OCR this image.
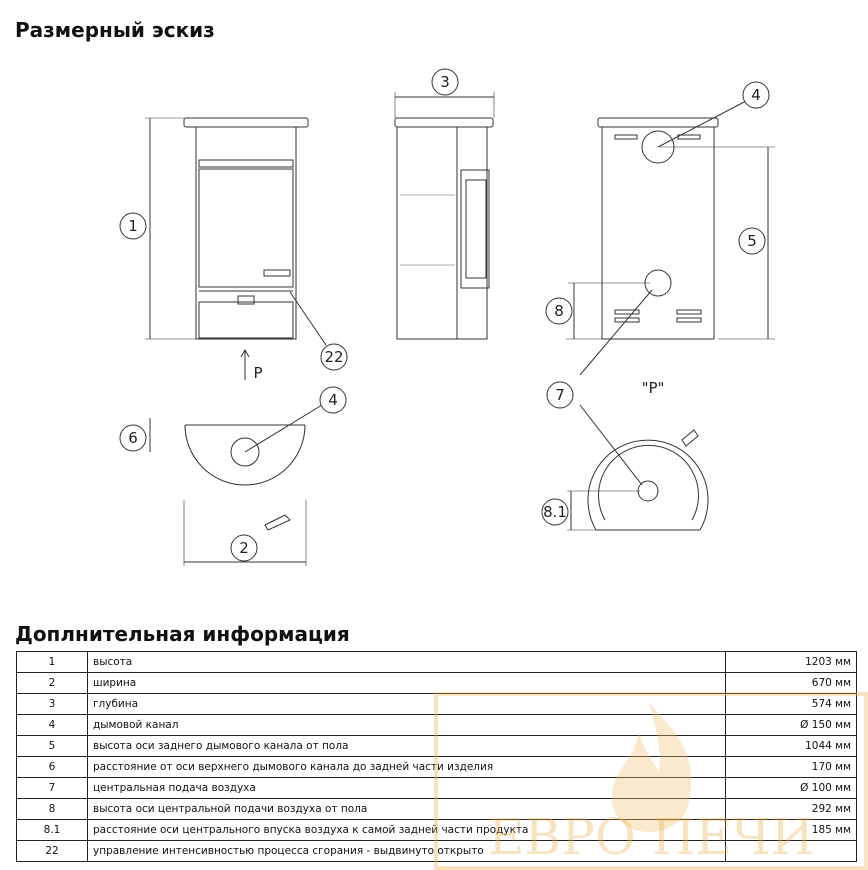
Размерный эскиз
1
3
4
5
8
22
7
4
6
2
8.1
P
"P"
Доплнительная информация
1	высота	1203 мм
2	ширина	670 мм
3	глубина	574 мм
4	дымовой канал	Ø 150 мм
5	высота оси заднего дымового канала от пола	1044 мм
6	расстояние от оси верхнего дымового канала до задней части изделия	170 мм
7	центральная подача воздуха	Ø 100 мм
8	высота оси центральной подачи воздуха от пола	292 мм
8.1	расстояние оси центрального впуска воздуха к самой задней части продукта	185 мм
22	управление интенсивностью процесса сгорания - выдвинуто открыто	ЕВРО ПЕЧИ
